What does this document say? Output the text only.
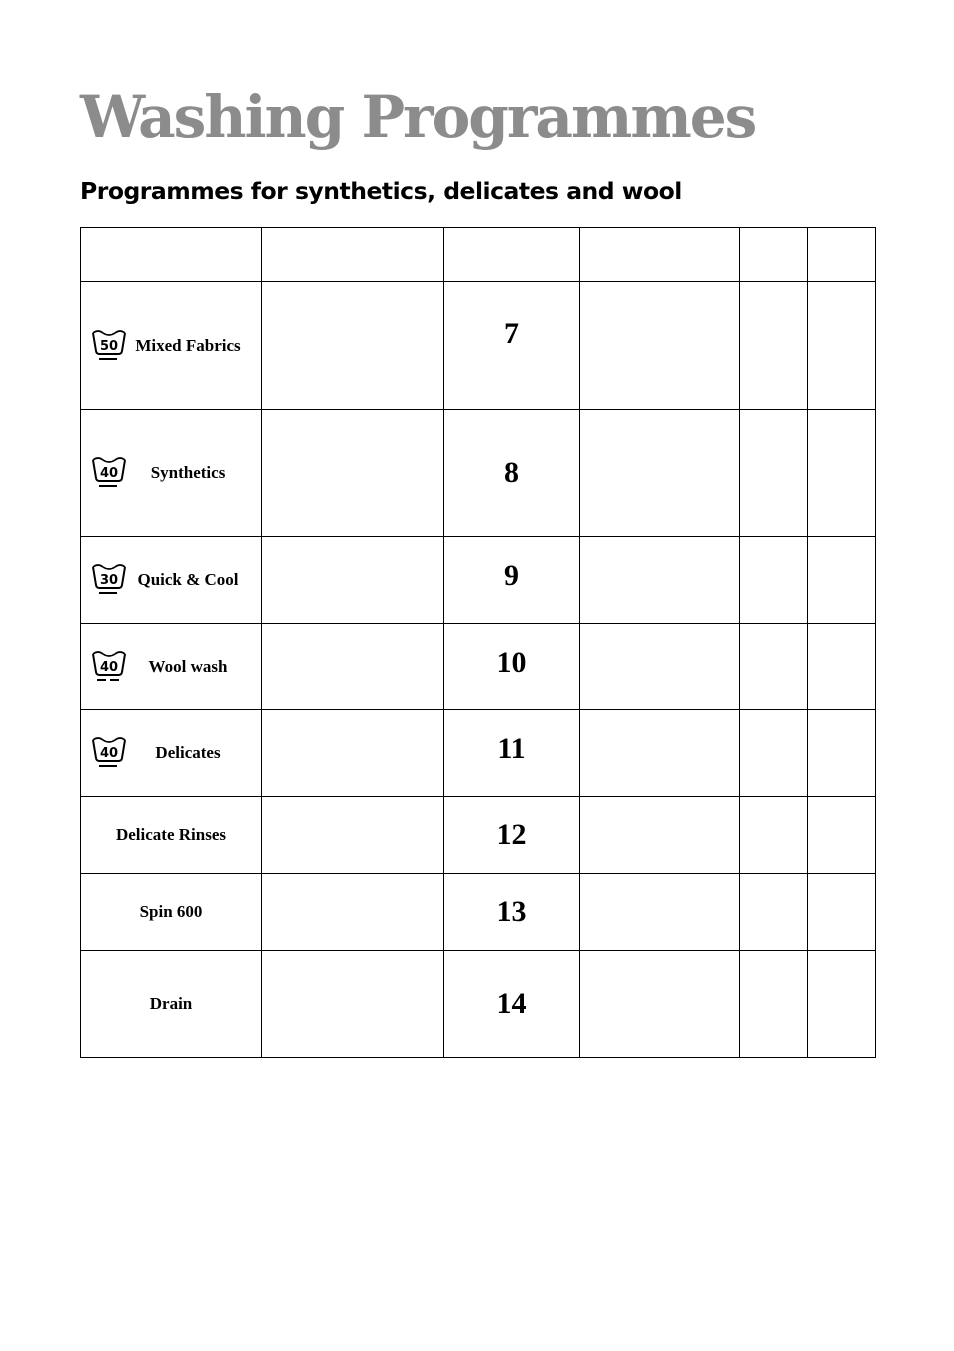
Washing Programmes
Programmes for synthetics, delicates and wool

50 Mixed Fabrics		7			

40 Synthetics		8			

30 Quick & Cool		9			

40 Wool wash		10			

40 Delicates		11			

Delicate Rinses		12			

Spin 600		13			

Drain		14			
